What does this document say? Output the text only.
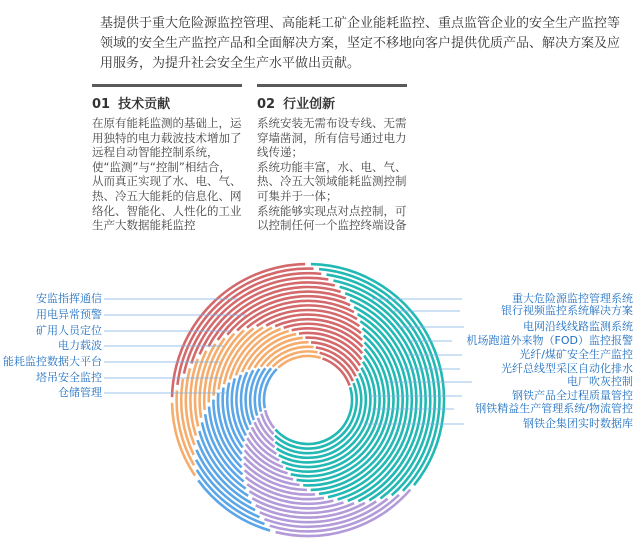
基提供于重大危险源监控管理、高能耗工矿企业能耗监控、重点监管企业的安全生产监控等领域的安全生产监控产品和全面解决方案，坚定不移地向客户提供优质产品、解决方案及应用服务，为提升社会安全生产水平做出贡献。
01 技术贡献

在原有能耗监测的基础上，运用独特的电力载波技术增加了远程自动智能控制系统，使“监测”与“控制”相结合，从而真正实现了水、电、气、热、冷五大能耗的信息化、网络化、智能化、人性化的工业生产大数据能耗监控

02 行业创新

系统安装无需布设专线、无需穿墙凿洞，所有信号通过电力线传递；

系统功能丰富，水、电、气、热、冷五大领域能耗监测控制可集并于一体；

系统能够实现点对点控制，可以控制任何一个监控终端设备

安监指挥通信
用电异常预警
矿用人员定位
电力载波
能耗监控数据大平台
塔吊安全监控
仓储管理
重大危险源监控管理系统
银行视频监控系统解决方案
电网沿线线路监测系统
机场跑道外来物（FOD）监控报警
光纤/煤矿安全生产监控
光纤总线型采区自动化排水
电厂吹灰控制
钢铁产品全过程质量管控
钢铁精益生产管理系统/物流管控
钢铁企集团实时数据库
